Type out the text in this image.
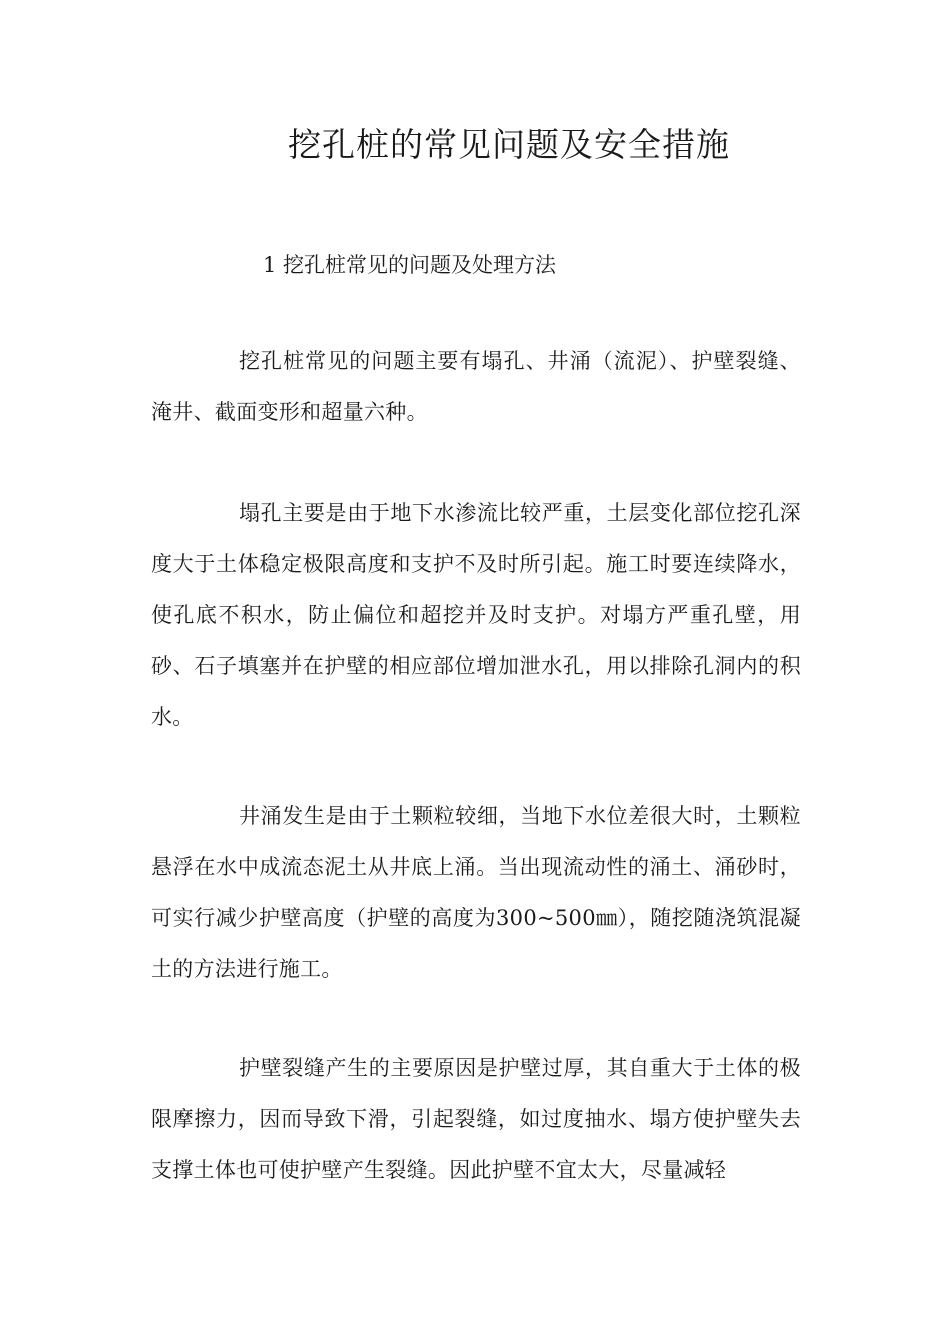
挖孔桩的常见问题及安全措施
1 挖孔桩常见的问题及处理方法

挖孔桩常见的问题主要有塌孔、井涌（流泥）、护壁裂缝、淹井、截面变形和超量六种。

塌孔主要是由于地下水渗流比较严重，土层变化部位挖孔深度大于土体稳定极限高度和支护不及时所引起。施工时要连续降水，使孔底不积水，防止偏位和超挖并及时支护。对塌方严重孔壁，用砂、石子填塞并在护壁的相应部位增加泄水孔，用以排除孔洞内的积水。

井涌发生是由于土颗粒较细，当地下水位差很大时，土颗粒悬浮在水中成流态泥土从井底上涌。当出现流动性的涌土、涌砂时，可实行减少护壁高度（护壁的高度为300~500㎜），随挖随浇筑混凝土的方法进行施工。

护壁裂缝产生的主要原因是护壁过厚，其自重大于土体的极限摩擦力，因而导致下滑，引起裂缝，如过度抽水、塌方使护壁失去支撑土体也可使护壁产生裂缝。因此护壁不宜太大，尽量减轻
